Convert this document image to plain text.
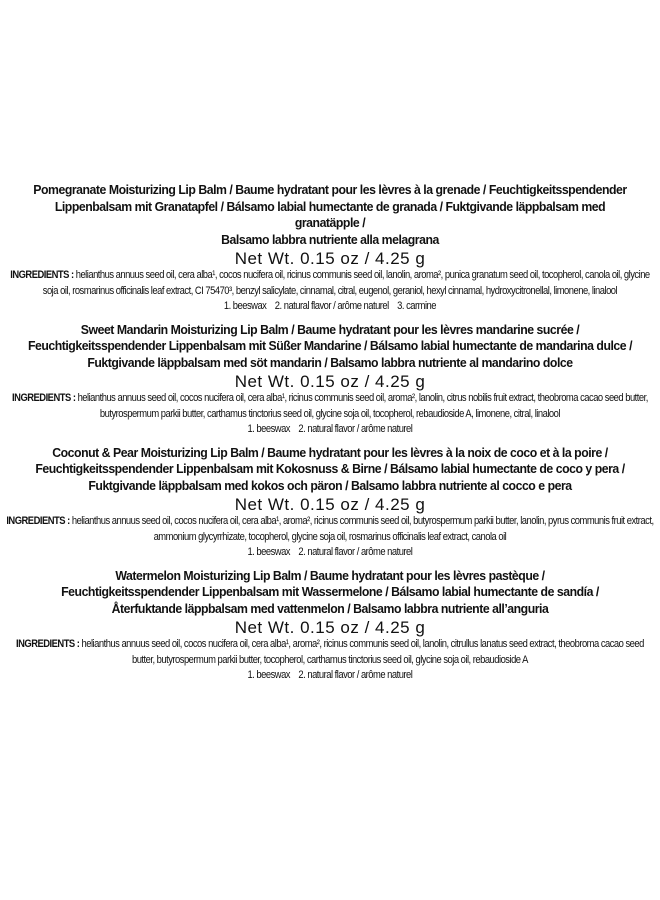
Pomegranate Moisturizing Lip Balm / Baume hydratant pour les lèvres à la grenade / Feuchtigkeitsspendender
Lippenbalsam mit Granatapfel / Bálsamo labial humectante de granada / Fuktgivande läppbalsam med granatäpple /
Balsamo labbra nutriente alla melagrana
Net Wt. 0.15 oz / 4.25 g
INGREDIENTS : helianthus annuus seed oil, cera alba¹, cocos nucifera oil, ricinus communis seed oil, lanolin, aroma², punica granatum seed oil, tocopherol, canola oil, glycine soja oil, rosmarinus officinalis leaf extract, CI 75470³, benzyl salicylate, cinnamal, citral, eugenol, geraniol, hexyl cinnamal, hydroxycitronellal, limonene, linalool
1. beeswax    2. natural flavor / arôme naturel    3. carmine
Sweet Mandarin Moisturizing Lip Balm / Baume hydratant pour les lèvres mandarine sucrée /
Feuchtigkeitsspendender Lippenbalsam mit Süßer Mandarine / Bálsamo labial humectante de mandarina dulce /
Fuktgivande läppbalsam med söt mandarin / Balsamo labbra nutriente al mandarino dolce
Net Wt. 0.15 oz / 4.25 g
INGREDIENTS : helianthus annuus seed oil, cocos nucifera oil, cera alba¹, ricinus communis seed oil, aroma², lanolin, citrus nobilis fruit extract, theobroma cacao seed butter, butyrospermum parkii butter, carthamus tinctorius seed oil, glycine soja oil, tocopherol, rebaudioside A, limonene, citral, linalool
1. beeswax    2. natural flavor / arôme naturel
Coconut & Pear Moisturizing Lip Balm / Baume hydratant pour les lèvres à la noix de coco et à la poire /
Feuchtigkeitsspendender Lippenbalsam mit Kokosnuss & Birne / Bálsamo labial humectante de coco y pera /
Fuktgivande läppbalsam med kokos och päron / Balsamo labbra nutriente al cocco e pera
Net Wt. 0.15 oz / 4.25 g
INGREDIENTS : helianthus annuus seed oil, cocos nucifera oil, cera alba¹, aroma², ricinus communis seed oil, butyrospermum parkii butter, lanolin, pyrus communis fruit extract, ammonium glycyrrhizate, tocopherol, glycine soja oil, rosmarinus officinalis leaf extract, canola oil
1. beeswax    2. natural flavor / arôme naturel
Watermelon Moisturizing Lip Balm / Baume hydratant pour les lèvres pastèque /
Feuchtigkeitsspendender Lippenbalsam mit Wassermelone / Bálsamo labial humectante de sandía /
Återfuktande läppbalsam med vattenmelon / Balsamo labbra nutriente all’anguria
Net Wt. 0.15 oz / 4.25 g
INGREDIENTS : helianthus annuus seed oil, cocos nucifera oil, cera alba¹, aroma², ricinus communis seed oil, lanolin, citrullus lanatus seed extract, theobroma cacao seed butter, butyrospermum parkii butter, tocopherol, carthamus tinctorius seed oil, glycine soja oil, rebaudioside A
1. beeswax    2. natural flavor / arôme naturel
